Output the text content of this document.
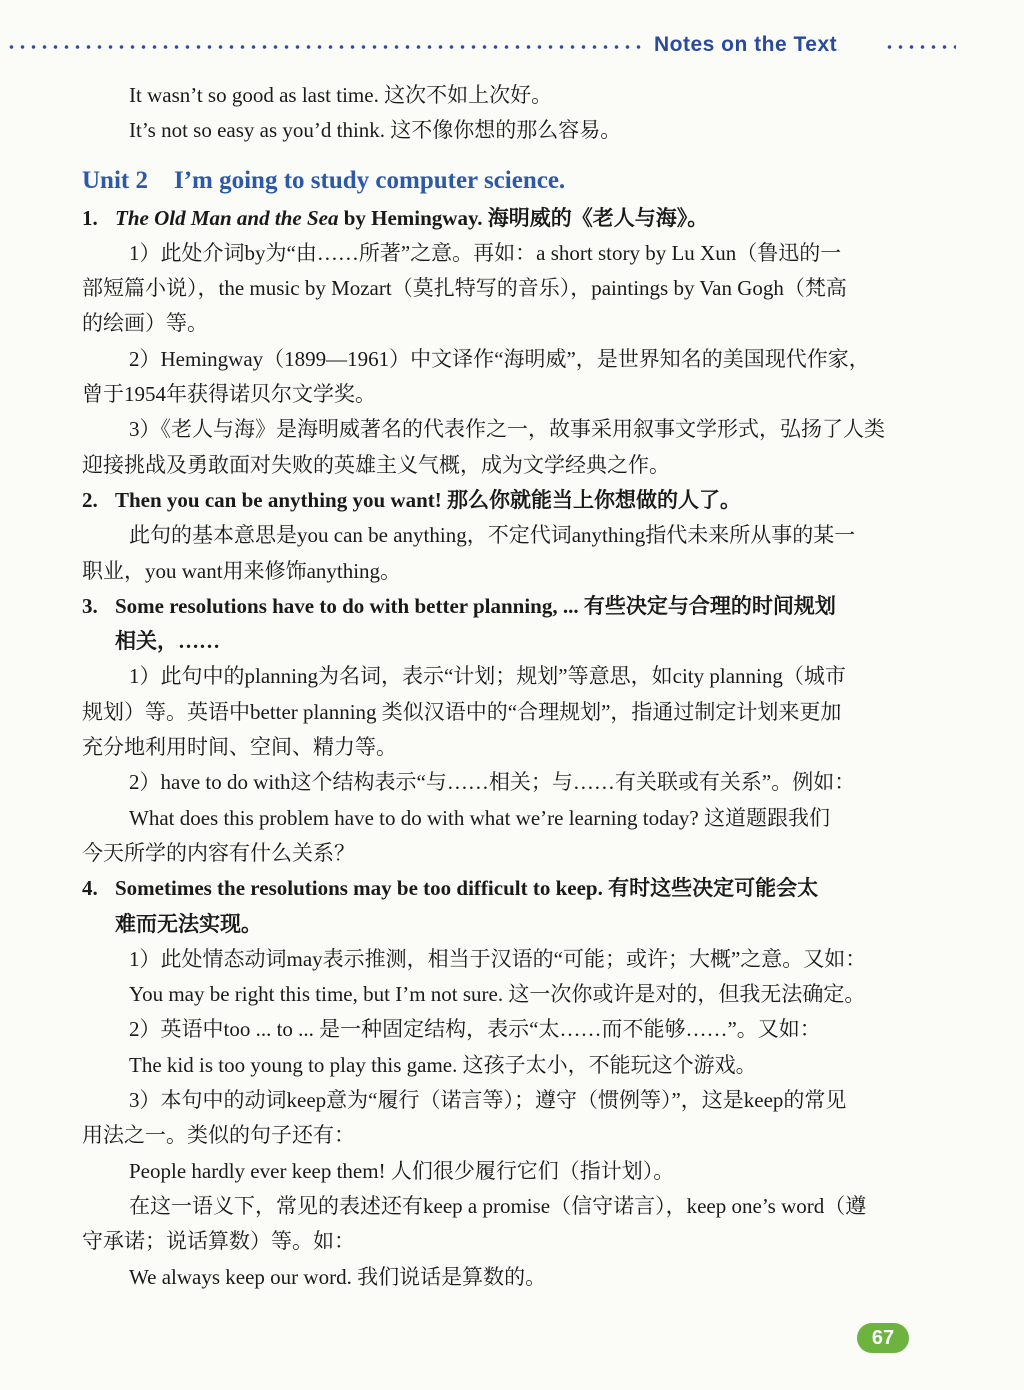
Notes on the Text
It wasn’t so good as last time. 这次不如上次好。
It’s not so easy as you’d think. 这不像你想的那么容易。
Unit 2 I’m going to study computer science.
1. The Old Man and the Sea by Hemingway. 海明威的《老人与海》。
1）此处介词by为“由……所著”之意。再如：a short story by Lu Xun（鲁迅的一
部短篇小说），the music by Mozart（莫扎特写的音乐），paintings by Van Gogh（梵高
的绘画）等。
2）Hemingway（1899—1961）中文译作“海明威”，是世界知名的美国现代作家，
曾于1954年获得诺贝尔文学奖。
3）《老人与海》是海明威著名的代表作之一，故事采用叙事文学形式，弘扬了人类
迎接挑战及勇敢面对失败的英雄主义气概，成为文学经典之作。
2. Then you can be anything you want! 那么你就能当上你想做的人了。
此句的基本意思是you can be anything，不定代词anything指代未来所从事的某一
职业，you want用来修饰anything。
3. Some resolutions have to do with better planning, ... 有些决定与合理的时间规划
相关，……
1）此句中的planning为名词，表示“计划；规划”等意思，如city planning（城市
规划）等。英语中better planning 类似汉语中的“合理规划”，指通过制定计划来更加
充分地利用时间、空间、精力等。
2）have to do with这个结构表示“与……相关；与……有关联或有关系”。例如：
What does this problem have to do with what we’re learning today? 这道题跟我们
今天所学的内容有什么关系？
4. Sometimes the resolutions may be too difficult to keep. 有时这些决定可能会太
难而无法实现。
1）此处情态动词may表示推测，相当于汉语的“可能；或许；大概”之意。又如：
You may be right this time, but I’m not sure. 这一次你或许是对的，但我无法确定。
2）英语中too ... to ... 是一种固定结构，表示“太……而不能够……”。又如：
The kid is too young to play this game. 这孩子太小，不能玩这个游戏。
3）本句中的动词keep意为“履行（诺言等）；遵守（惯例等）”，这是keep的常见
用法之一。类似的句子还有：
People hardly ever keep them! 人们很少履行它们（指计划）。
在这一语义下，常见的表述还有keep a promise（信守诺言），keep one’s word（遵
守承诺；说话算数）等。如：
We always keep our word. 我们说话是算数的。
67
